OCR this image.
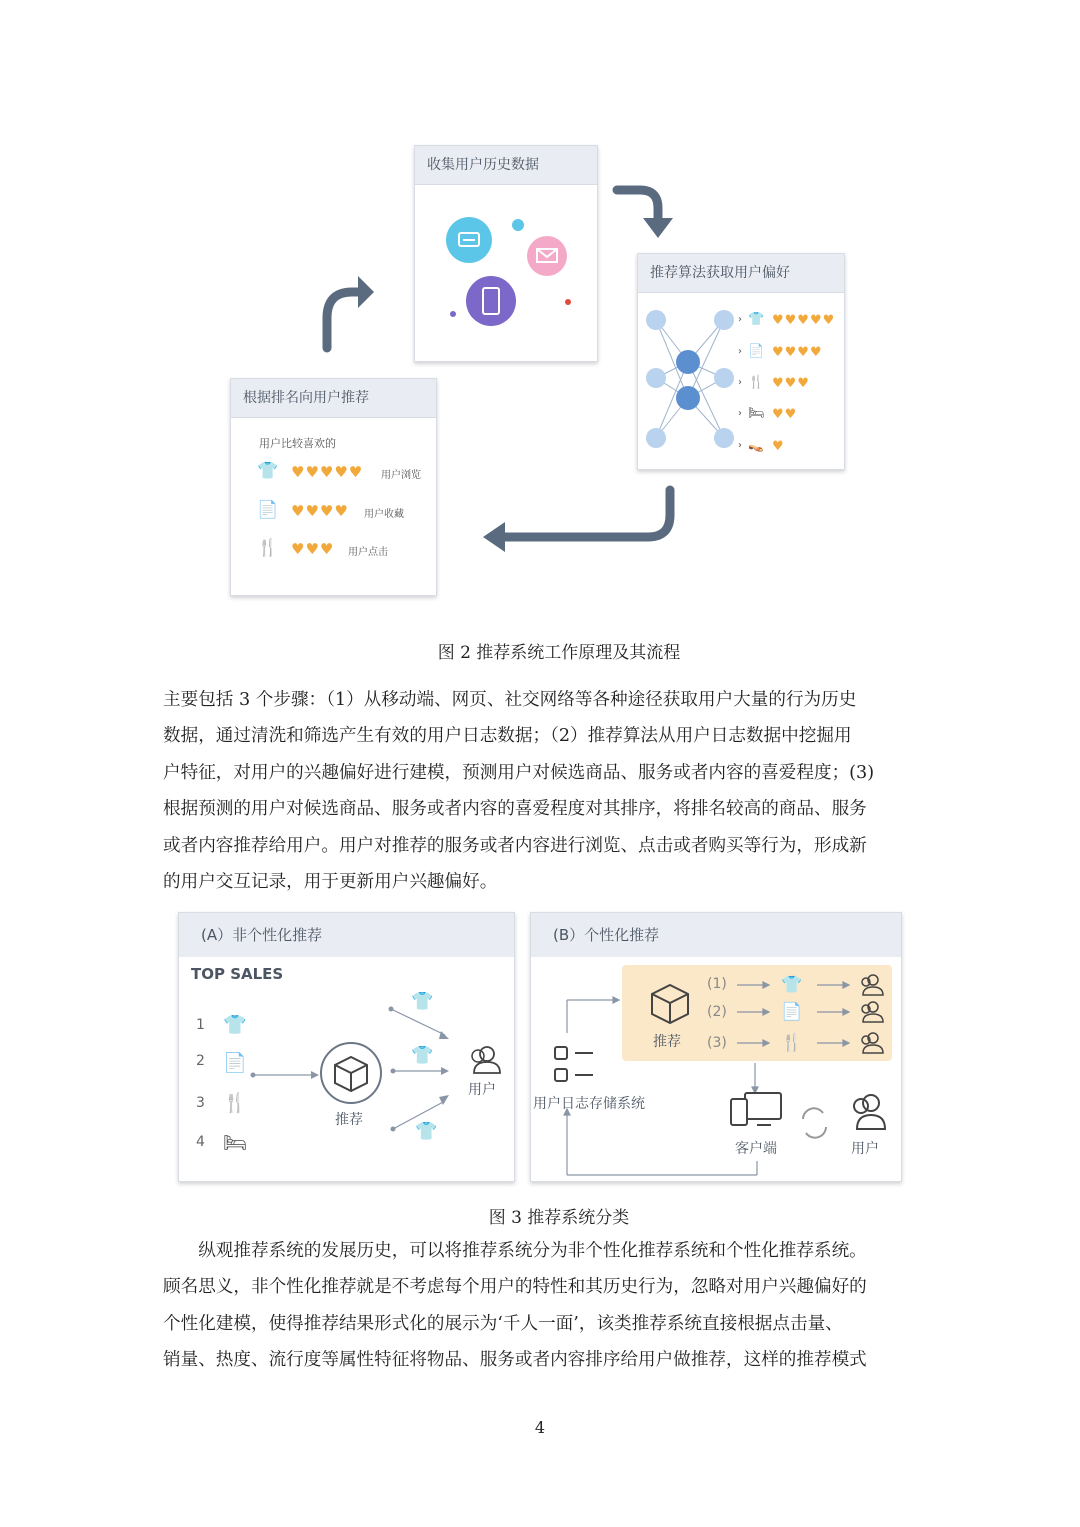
收集用户历史数据
推荐算法获取用户偏好
› 👕 ♥♥♥♥♥
› 📄 ♥♥♥♥
› 🍴 ♥♥♥
› 🛏 ♥♥
› 👡 ♥
根据排名向用户推荐
用户比较喜欢的
👕 ♥♥♥♥♥ 用户浏览
📄 ♥♥♥♥ 用户收藏
🍴 ♥♥♥ 用户点击
图 2 推荐系统工作原理及其流程
主要包括 3 个步骤：（1）从移动端、网页、社交网络等各种途径获取用户大量的行为历史
数据，通过清洗和筛选产生有效的用户日志数据；（2）推荐算法从用户日志数据中挖掘用
户特征，对用户的兴趣偏好进行建模，预测用户对候选商品、服务或者内容的喜爱程度；(3)
根据预测的用户对候选商品、服务或者内容的喜爱程度对其排序，将排名较高的商品、服务
或者内容推荐给用户。用户对推荐的服务或者内容进行浏览、点击或者购买等行为，形成新
的用户交互记录，用于更新用户兴趣偏好。
(A）非个性化推荐
TOP SALES
1 👕
2 📄
3 🍴
4 🛏
👕
👕
👕
推荐
用户
(B）个性化推荐
(1)
(2)
(3)
👕
📄
🍴
推荐
用户日志存储系统
客户端	用户
图 3 推荐系统分类
　　纵观推荐系统的发展历史，可以将推荐系统分为非个性化推荐系统和个性化推荐系统。
顾名思义，非个性化推荐就是不考虑每个用户的特性和其历史行为，忽略对用户兴趣偏好的
个性化建模，使得推荐结果形式化的展示为‘千人一面’，该类推荐系统直接根据点击量、
销量、热度、流行度等属性特征将物品、服务或者内容排序给用户做推荐，这样的推荐模式
4
